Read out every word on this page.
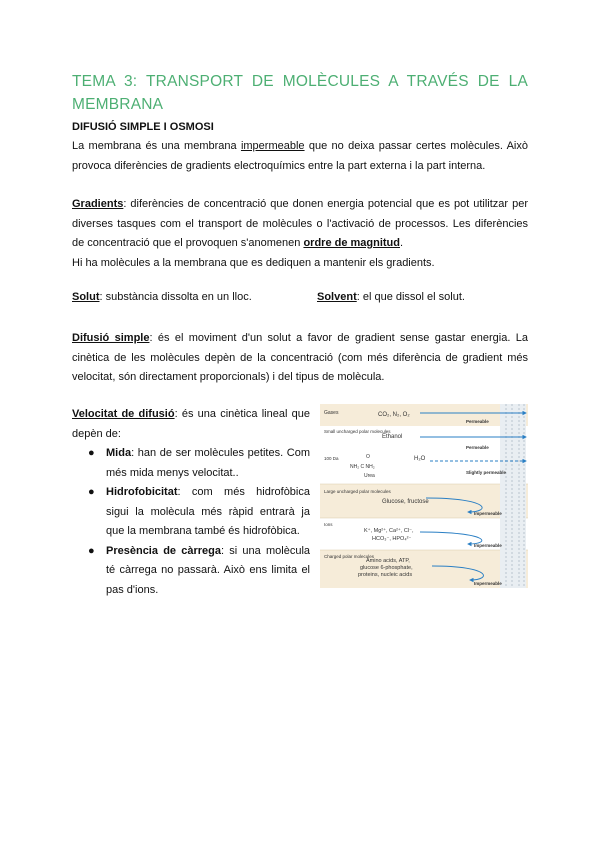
TEMA 3: TRANSPORT DE MOLÈCULES A TRAVÉS DE LA
MEMBRANA
DIFUSIÓ SIMPLE I OSMOSI
La membrana és una membrana impermeable que no deixa passar certes molècules. Això
provoca diferències de gradients electroquímics entre la part externa i la part interna.
Gradients: diferències de concentració que donen energia potencial que es pot utilitzar per
diverses tasques com el transport de molècules o l'activació de processos. Les diferències
de concentració que el provoquen s'anomenen ordre de magnitud.
Hi ha molècules a la membrana que es dediquen a mantenir els gradients.
Solut: substància dissolta en un lloc.	Solvent: el que dissol el solut.
Difusió simple: és el moviment d'un solut a favor de gradient sense gastar energia. La
cinètica de les molècules depèn de la concentració (com més diferència de gradient més
velocitat, són directament proporcionals) i del tipus de molècula.
Velocitat de difusió: és una cinètica lineal que
depèn de:
● Mida: han de ser molècules petites. Com
més mida menys velocitat..
● Hidrofobicitat: com més hidrofòbica
sigui la molècula més ràpid entrarà ja
que la membrana també és hidrofòbica.
● Presència de càrrega: si una molècula
té càrrega no passarà. Això ens limita el
pas d'ions.
Gases	CO₂, N₂, O₂
Permeable
Small uncharged polar molecules
Ethanol
Permeable
100 Da	H₂O
O
NH₂ C NH₂
Urea
Slightly permeable
Large uncharged polar molecules
Glucose, fructose
Impermeable
Ions
K⁺, Mg²⁺, Ca²⁺, Cl⁻,
HCO₃⁻, HPO₄²⁻
Impermeable
Charged polar molecules
Amino acids, ATP,
glucose 6-phosphate,
proteins, nucleic acids
Impermeable
